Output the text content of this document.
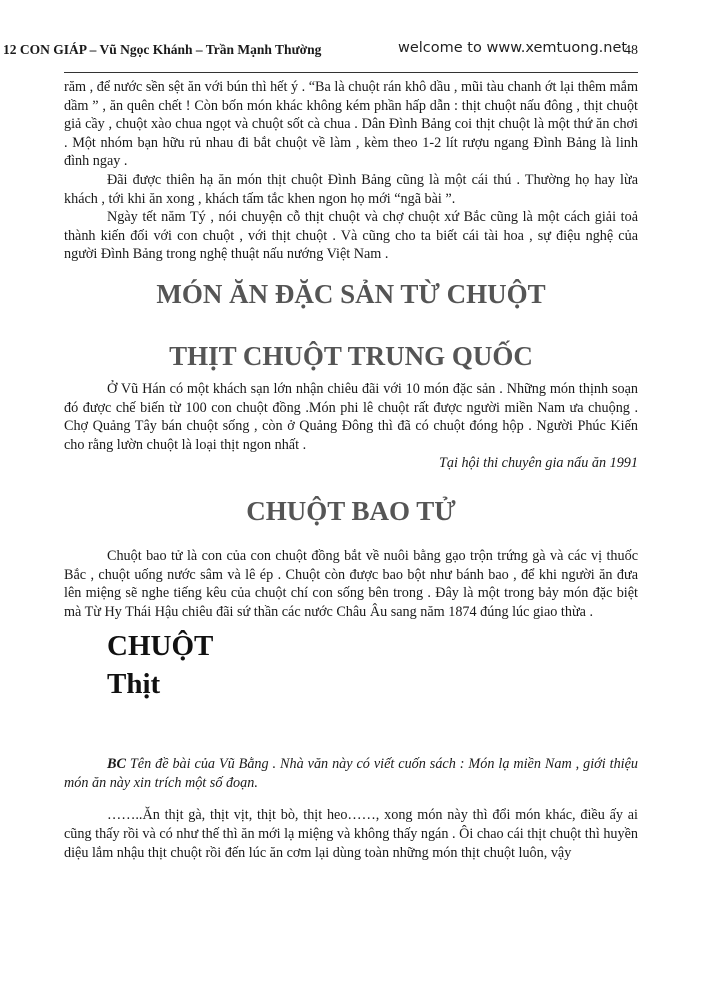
12 CON GIÁP – Vũ Ngọc Khánh – Trần Mạnh Thường	welcome to www.xemtuong.net
48

răm , để nước sền sệt ăn với bún thì hết ý . “Ba là chuột rán khô dầu , mũi tàu chanh ớt lại thêm mắm dầm ” , ăn quên chết ! Còn bốn món khác không kém phần hấp dẫn : thịt chuột nấu đông , thịt chuột giả cầy , chuột xào chua ngọt và chuột sốt cà chua . Dân Đình Bảng coi thịt chuột là một thứ ăn chơi . Một nhóm bạn hữu rủ nhau đi bắt chuột về làm , kèm theo 1-2 lít rượu ngang Đình Bảng là linh đình ngay .

Đãi được thiên hạ ăn món thịt chuột Đình Bảng cũng là một cái thú . Thường họ hay lừa khách , tới khi ăn xong , khách tấm tắc khen ngon họ mới “ngã bài ”.

Ngày tết năm Tý , nói chuyện cỗ thịt chuột và chợ chuột xứ Bắc cũng là một cách giải toả thành kiến đối với con chuột , với thịt chuột . Và cũng cho ta biết cái tài hoa , sự điệu nghệ của người Đình Bảng trong nghệ thuật nấu nướng Việt Nam .

MÓN ĂN ĐẶC SẢN TỪ CHUỘT

THỊT CHUỘT TRUNG QUỐC

Ở Vũ Hán có một khách sạn lớn nhận chiêu đãi với 10 món đặc sản . Những món thịnh soạn đó được chế biến từ 100 con chuột đồng .Món phi lê chuột rất được người miền Nam ưa chuộng . Chợ Quảng Tây bán chuột sống , còn ở Quảng Đông thì đã có chuột đóng hộp . Người Phúc Kiến cho rằng lườn chuột là loại thịt ngon nhất .

Tại hội thi chuyên gia nấu ăn 1991

CHUỘT BAO TỬ

Chuột bao tử là con của con chuột đồng bắt về nuôi bằng gạo trộn trứng gà và các vị thuốc Bắc , chuột uống nước sâm và lê ép . Chuột còn được bao bột như bánh bao , để khi người ăn đưa lên miệng sẽ nghe tiếng kêu của chuột chí con sống bên trong . Đây là một trong bảy món đặc biệt mà Từ Hy Thái Hậu chiêu đãi sứ thần các nước Châu Âu sang năm 1874 đúng lúc giao thừa .

CHUỘT

Thịt

BC Tên đề bài của Vũ Bằng . Nhà văn này có viết cuốn sách : Món lạ miền Nam , giới thiệu món ăn này xin trích một số đoạn.

……..Ăn thịt gà, thịt vịt, thịt bò, thịt heo……, xong món này thì đổi món khác, điều ấy ai cũng thấy rồi và có như thế thì ăn mới lạ miệng và không thấy ngán . Ôi chao cái thịt chuột thì huyền diệu lắm nhậu thịt chuột rồi đến lúc ăn cơm lại dùng toàn những món thịt chuột luôn, vậy
